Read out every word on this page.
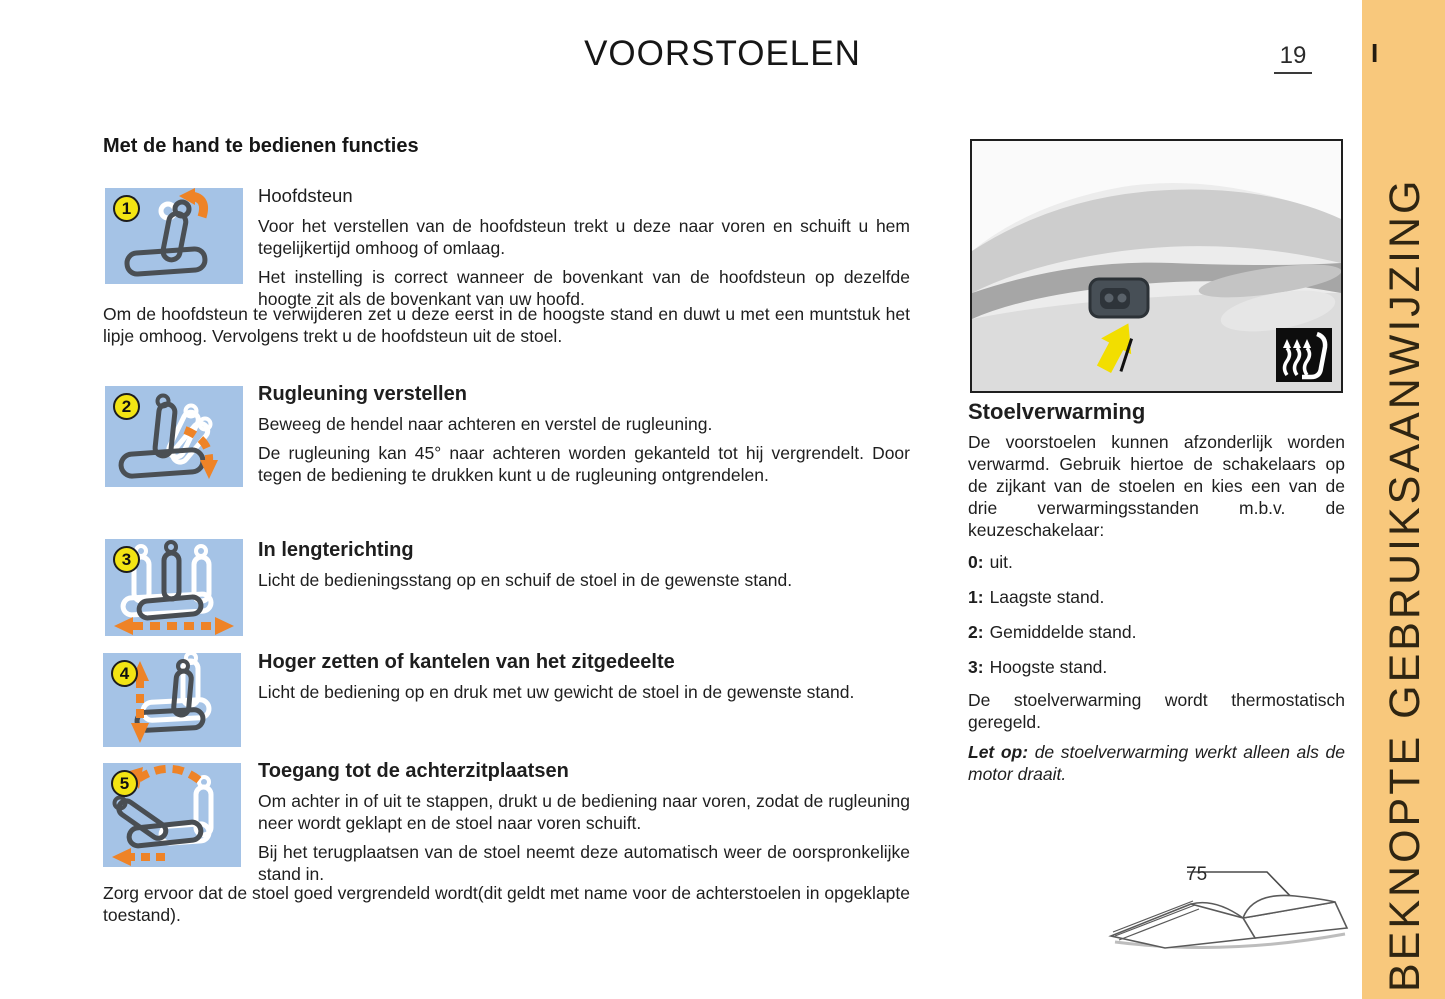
VOORSTOELEN	19	I
BEKNOPTE GEBRUIKSAANWIJZING
Met de hand te bedienen functies
1

Hoofdsteun

Voor het verstellen van de hoofdsteun trekt u deze naar voren en schuift u hem tegelijkertijd omhoog of omlaag.

Het instelling is correct wanneer de bovenkant van de hoofdsteun op dezelfde hoogte zit als de bovenkant van uw hoofd.

Om de hoofdsteun te verwijderen zet u deze eerst in de hoogste stand en duwt u met een muntstuk het lipje omhoog. Vervolgens trekt u de hoofdsteun uit de stoel.
2

Rugleuning verstellen

Beweeg de hendel naar achteren en verstel de rugleuning.

De rugleuning kan 45° naar achteren worden gekanteld tot hij vergrendelt. Door tegen de bediening te drukken kunt u de rugleuning ontgrendelen.

3	In lengterichting

Licht de bedieningsstang op en schuif de stoel in de gewenste stand.

4	Hoger zetten of kantelen van het zitgedeelte

Licht de bediening op en druk met uw gewicht de stoel in de gewenste stand.

5

Toegang tot de achterzitplaatsen

Om achter in of uit te stappen, drukt u de bediening naar voren, zodat de rugleuning neer wordt geklapt en de stoel naar voren schuift.

Bij het terugplaatsen van de stoel neemt deze automatisch weer de oorspronkelijke stand in.

Zorg ervoor dat de stoel goed vergrendeld wordt(dit geldt met name voor de achterstoelen in opgeklapte toestand).

Stoelverwarming

De voorstoelen kunnen afzonderlijk worden verwarmd. Gebruik hiertoe de schakelaars op de zijkant van de stoelen en kies een van de drie verwarmingsstanden m.b.v. de keuzeschakelaar:

0: uit.

1: Laagste stand.

2: Gemiddelde stand.

3: Hoogste stand.

De stoelverwarming wordt thermostatisch geregeld.

Let op: de stoelverwarming werkt alleen als de motor draait.

75
